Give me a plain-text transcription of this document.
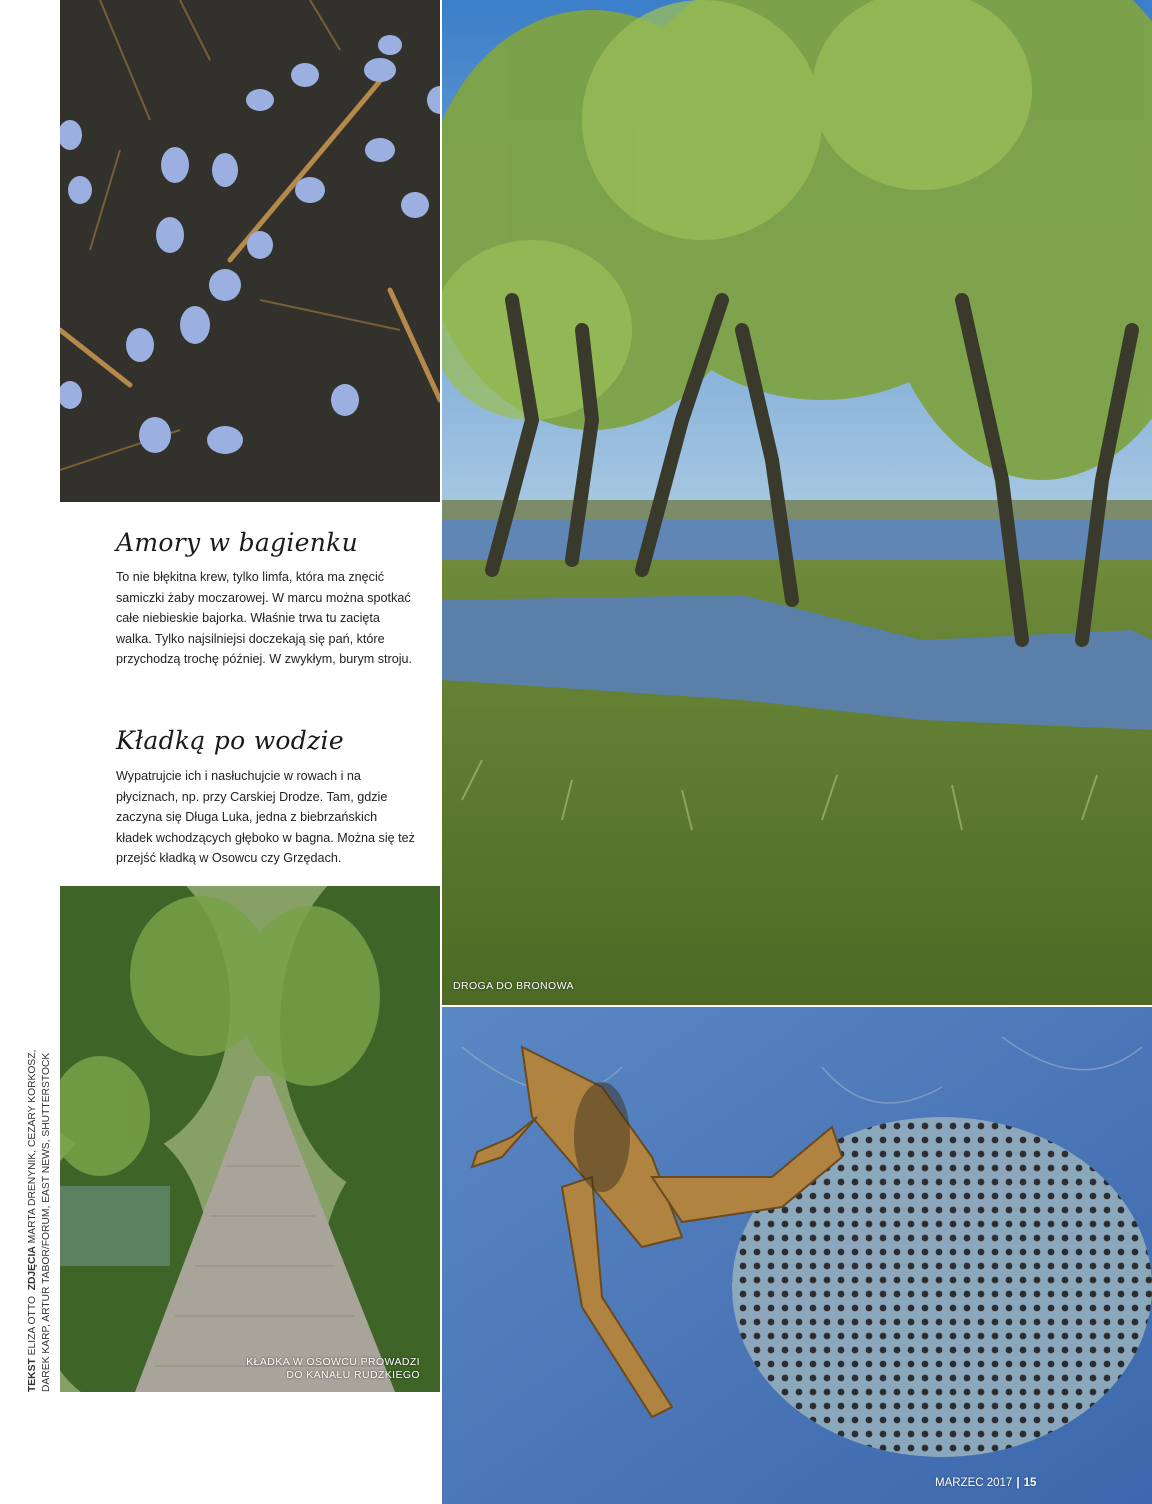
DROGA DO BRONOWA
KŁADKA W OSOWCU PROWADZI
DO KANAŁU RUDZKIEGO
Amory w bagienku

To nie błękitna krew, tylko limfa, która ma znęcić samiczki żaby moczarowej. W marcu można spotkać całe niebieskie bajorka. Właśnie trwa tu zacięta walka. Tylko najsilniejsi doczekają się pań, które przychodzą trochę później. W zwykłym, burym stroju.

Kładką po wodzie

Wypatrujcie ich i nasłuchujcie w rowach i na płyciznach, np. przy Carskiej Drodze. Tam, gdzie zaczyna się Długa Luka, jedna z biebrzańskich kładek wchodzących głęboko w bagna. Można się też przejść kładką w Osowcu czy Grzędach.

TEKST ELIZA OTTO  ZDJĘCIA MARTA DRENYNIK, CEZARY KORKOSZ, DAREK KARP, ARTUR TABOR/FORUM, EAST NEWS, SHUTTERSTOCK
MARZEC 2017 | 15
